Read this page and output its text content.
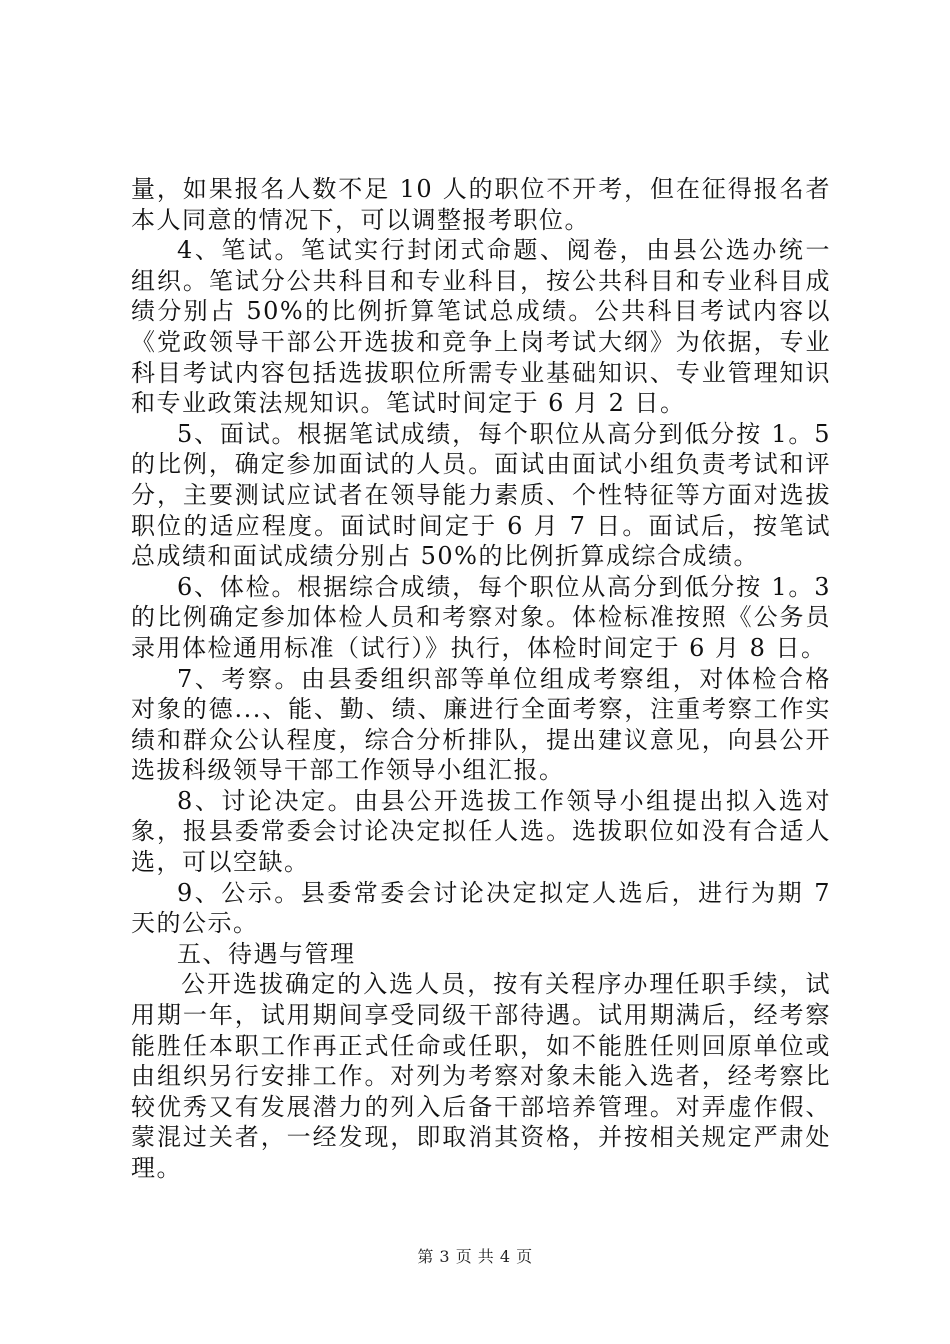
量，如果报名人数不足 10 人的职位不开考，但在征得报名者本人同意的情况下，可以调整报考职位。

4、笔试。笔试实行封闭式命题、阅卷，由县公选办统一组织。笔试分公共科目和专业科目，按公共科目和专业科目成绩分别占 50%的比例折算笔试总成绩。公共科目考试内容以《党政领导干部公开选拔和竞争上岗考试大纲》为依据，专业科目考试内容包括选拔职位所需专业基础知识、专业管理知识和专业政策法规知识。笔试时间定于 6 月 2 日。

5、面试。根据笔试成绩，每个职位从高分到低分按 1。5 的比例，确定参加面试的人员。面试由面试小组负责考试和评分，主要测试应试者在领导能力素质、个性特征等方面对选拔职位的适应程度。面试时间定于 6 月 7 日。面试后，按笔试总成绩和面试成绩分别占 50%的比例折算成综合成绩。

6、体检。根据综合成绩，每个职位从高分到低分按 1。3 的比例确定参加体检人员和考察对象。体检标准按照《公务员录用体检通用标准（试行）》执行，体检时间定于 6 月 8 日。

7、考察。由县委组织部等单位组成考察组，对体检合格对象的德...、能、勤、绩、廉进行全面考察，注重考察工作实绩和群众公认程度，综合分析排队，提出建议意见，向县公开选拔科级领导干部工作领导小组汇报。

8、讨论决定。由县公开选拔工作领导小组提出拟入选对象，报县委常委会讨论决定拟任人选。选拔职位如没有合适人选，可以空缺。

9、公示。县委常委会讨论决定拟定人选后，进行为期 7 天的公示。

五、待遇与管理

公开选拔确定的入选人员，按有关程序办理任职手续，试用期一年，试用期间享受同级干部待遇。试用期满后，经考察能胜任本职工作再正式任命或任职，如不能胜任则回原单位或由组织另行安排工作。对列为考察对象未能入选者，经考察比较优秀又有发展潜力的列入后备干部培养管理。对弄虚作假、蒙混过关者，一经发现，即取消其资格，并按相关规定严肃处理。

第 3 页 共 4 页
